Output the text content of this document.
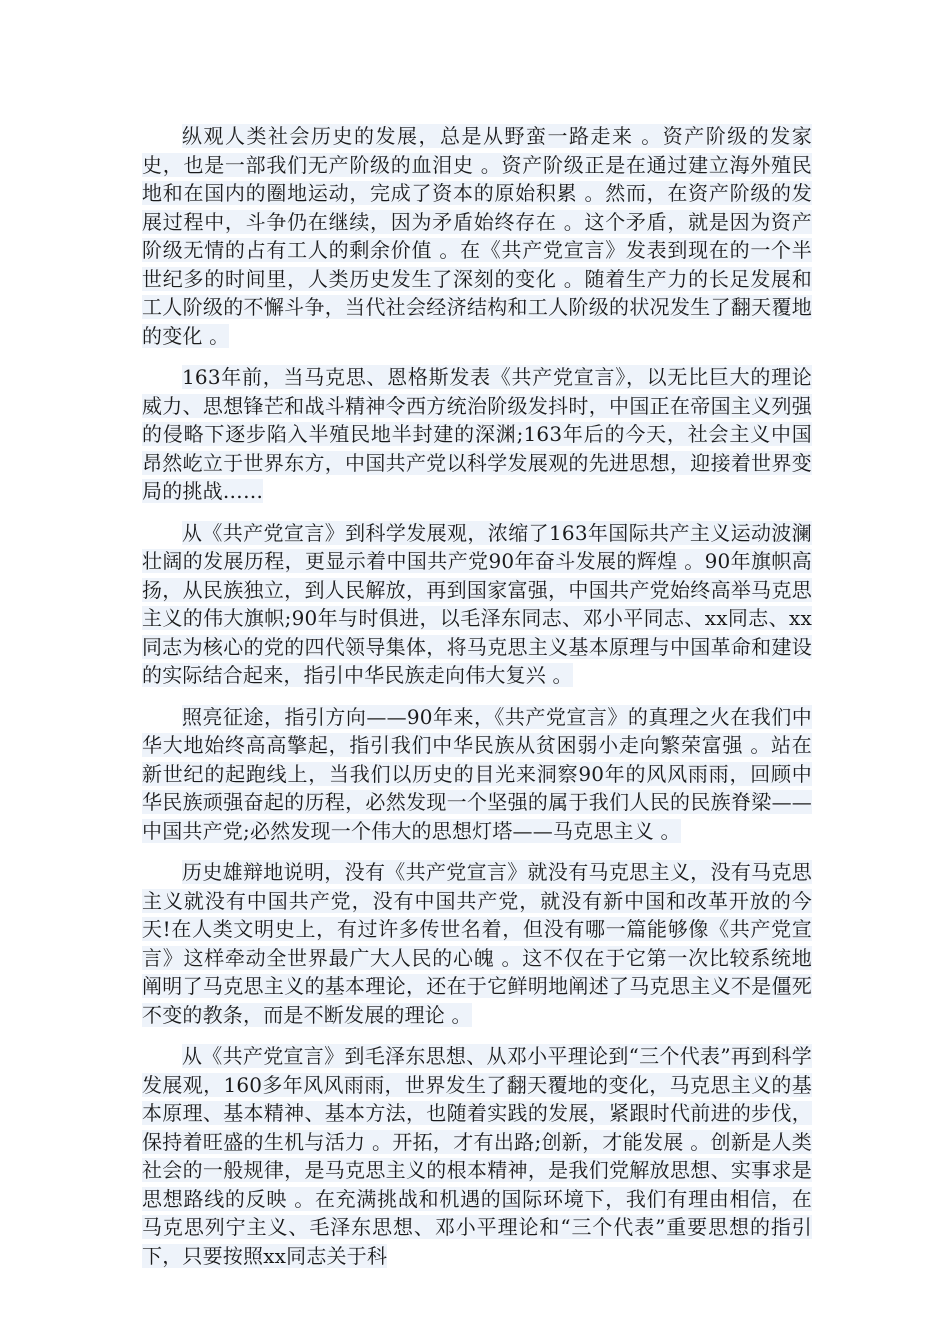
纵观人类社会历史的发展，总是从野蛮一路走来 。资产阶级的发家史，也是一部我们无产阶级的血泪史 。资产阶级正是在通过建立海外殖民地和在国内的圈地运动，完成了资本的原始积累 。然而，在资产阶级的发展过程中，斗争仍在继续，因为矛盾始终存在 。这个矛盾，就是因为资产阶级无情的占有工人的剩余价值 。在《共产党宣言》发表到现在的一个半世纪多的时间里，人类历史发生了深刻的变化 。随着生产力的长足发展和工人阶级的不懈斗争，当代社会经济结构和工人阶级的状况发生了翻天覆地的变化 。

163年前，当马克思、恩格斯发表《共产党宣言》，以无比巨大的理论威力、思想锋芒和战斗精神令西方统治阶级发抖时，中国正在帝国主义列强的侵略下逐步陷入半殖民地半封建的深渊;163年后的今天，社会主义中国昂然屹立于世界东方，中国共产党以科学发展观的先进思想，迎接着世界变局的挑战……

从《共产党宣言》到科学发展观，浓缩了163年国际共产主义运动波澜壮阔的发展历程，更显示着中国共产党90年奋斗发展的辉煌 。90年旗帜高扬，从民族独立，到人民解放，再到国家富强，中国共产党始终高举马克思主义的伟大旗帜;90年与时俱进，以毛泽东同志、邓小平同志、xx同志、xx同志为核心的党的四代领导集体，将马克思主义基本原理与中国革命和建设的实际结合起来，指引中华民族走向伟大复兴 。

照亮征途，指引方向——90年来，《共产党宣言》的真理之火在我们中华大地始终高高擎起，指引我们中华民族从贫困弱小走向繁荣富强 。站在新世纪的起跑线上，当我们以历史的目光来洞察90年的风风雨雨，回顾中华民族顽强奋起的历程，必然发现一个坚强的属于我们人民的民族脊梁——中国共产党;必然发现一个伟大的思想灯塔——马克思主义 。

历史雄辩地说明，没有《共产党宣言》就没有马克思主义，没有马克思主义就没有中国共产党，没有中国共产党，就没有新中国和改革开放的今天!在人类文明史上，有过许多传世名着，但没有哪一篇能够像《共产党宣言》这样牵动全世界最广大人民的心魄 。这不仅在于它第一次比较系统地阐明了马克思主义的基本理论，还在于它鲜明地阐述了马克思主义不是僵死不变的教条，而是不断发展的理论 。

从《共产党宣言》到毛泽东思想、从邓小平理论到“三个代表”再到科学发展观，160多年风风雨雨，世界发生了翻天覆地的变化，马克思主义的基本原理、基本精神、基本方法，也随着实践的发展，紧跟时代前进的步伐，保持着旺盛的生机与活力 。开拓，才有出路;创新，才能发展 。创新是人类社会的一般规律，是马克思主义的根本精神，是我们党解放思想、实事求是思想路线的反映 。在充满挑战和机遇的国际环境下，我们有理由相信，在马克思列宁主义、毛泽东思想、邓小平理论和“三个代表”重要思想的指引下，只要按照xx同志关于科
